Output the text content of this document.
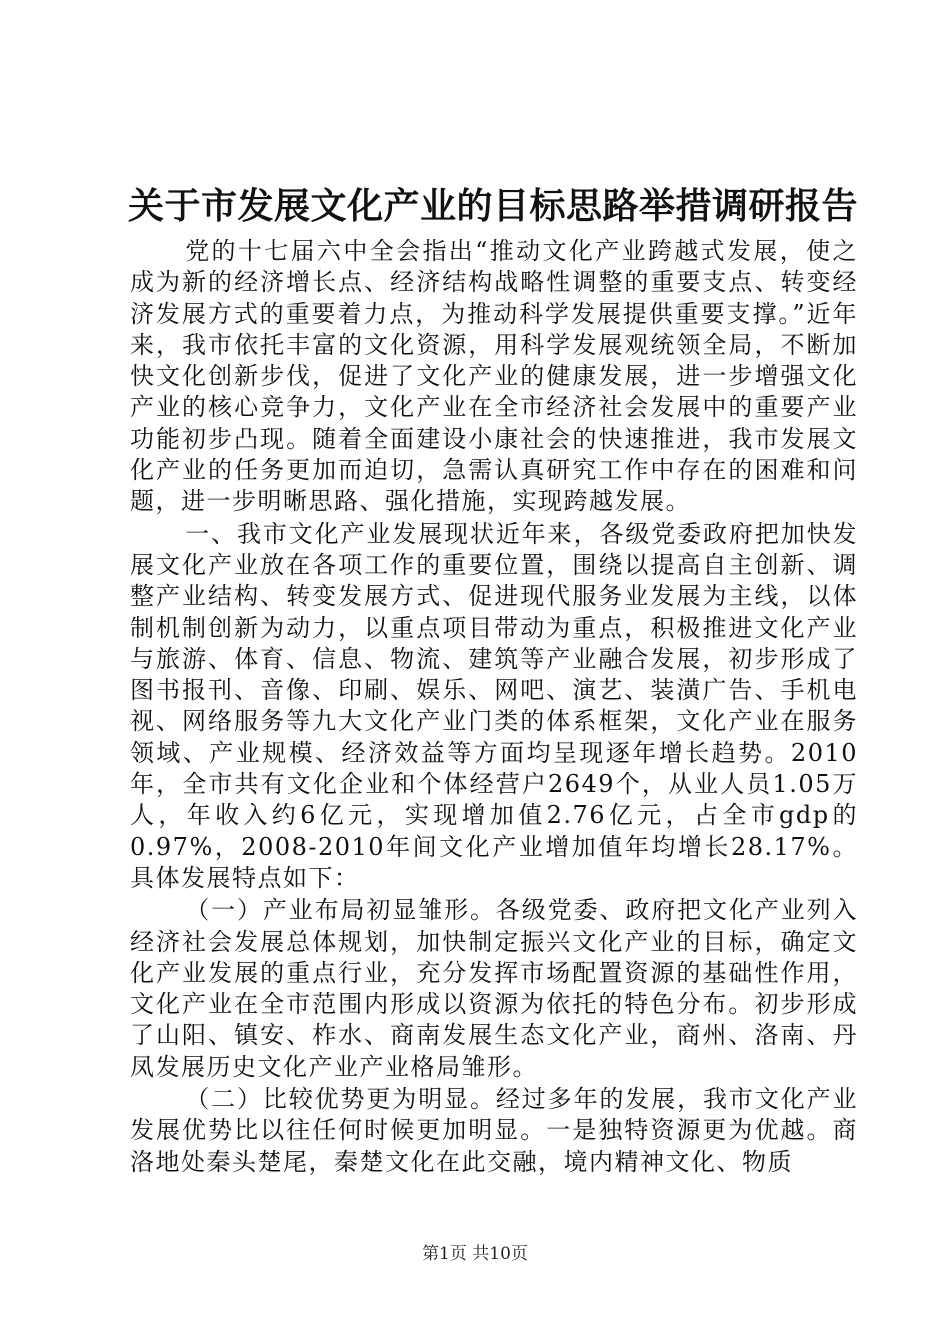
关于市发展文化产业的目标思路举措调研报告

党的十七届六中全会指出“推动文化产业跨越式发展，使之成为新的经济增长点、经济结构战略性调整的重要支点、转变经济发展方式的重要着力点，为推动科学发展提供重要支撑。”近年来，我市依托丰富的文化资源，用科学发展观统领全局，不断加快文化创新步伐，促进了文化产业的健康发展，进一步增强文化产业的核心竞争力，文化产业在全市经济社会发展中的重要产业功能初步凸现。随着全面建设小康社会的快速推进，我市发展文化产业的任务更加而迫切，急需认真研究工作中存在的困难和问题，进一步明晰思路、强化措施，实现跨越发展。

一、我市文化产业发展现状近年来，各级党委政府把加快发展文化产业放在各项工作的重要位置，围绕以提高自主创新、调整产业结构、转变发展方式、促进现代服务业发展为主线，以体制机制创新为动力，以重点项目带动为重点，积极推进文化产业与旅游、体育、信息、物流、建筑等产业融合发展，初步形成了图书报刊、音像、印刷、娱乐、网吧、演艺、装潢广告、手机电视、网络服务等九大文化产业门类的体系框架，文化产业在服务领域、产业规模、经济效益等方面均呈现逐年增长趋势。2010年，全市共有文化企业和个体经营户2649个，从业人员1.05万人，年收入约6亿元，实现增加值2.76亿元，占全市gdp的0.97%，2008-2010年间文化产业增加值年均增长28.17%。具体发展特点如下：

（一）产业布局初显雏形。各级党委、政府把文化产业列入经济社会发展总体规划，加快制定振兴文化产业的目标，确定文化产业发展的重点行业，充分发挥市场配置资源的基础性作用，文化产业在全市范围内形成以资源为依托的特色分布。初步形成了山阳、镇安、柞水、商南发展生态文化产业，商州、洛南、丹凤发展历史文化产业产业格局雏形。

（二）比较优势更为明显。经过多年的发展，我市文化产业发展优势比以往任何时候更加明显。一是独特资源更为优越。商洛地处秦头楚尾，秦楚文化在此交融，境内精神文化、物质

第1页 共10页
